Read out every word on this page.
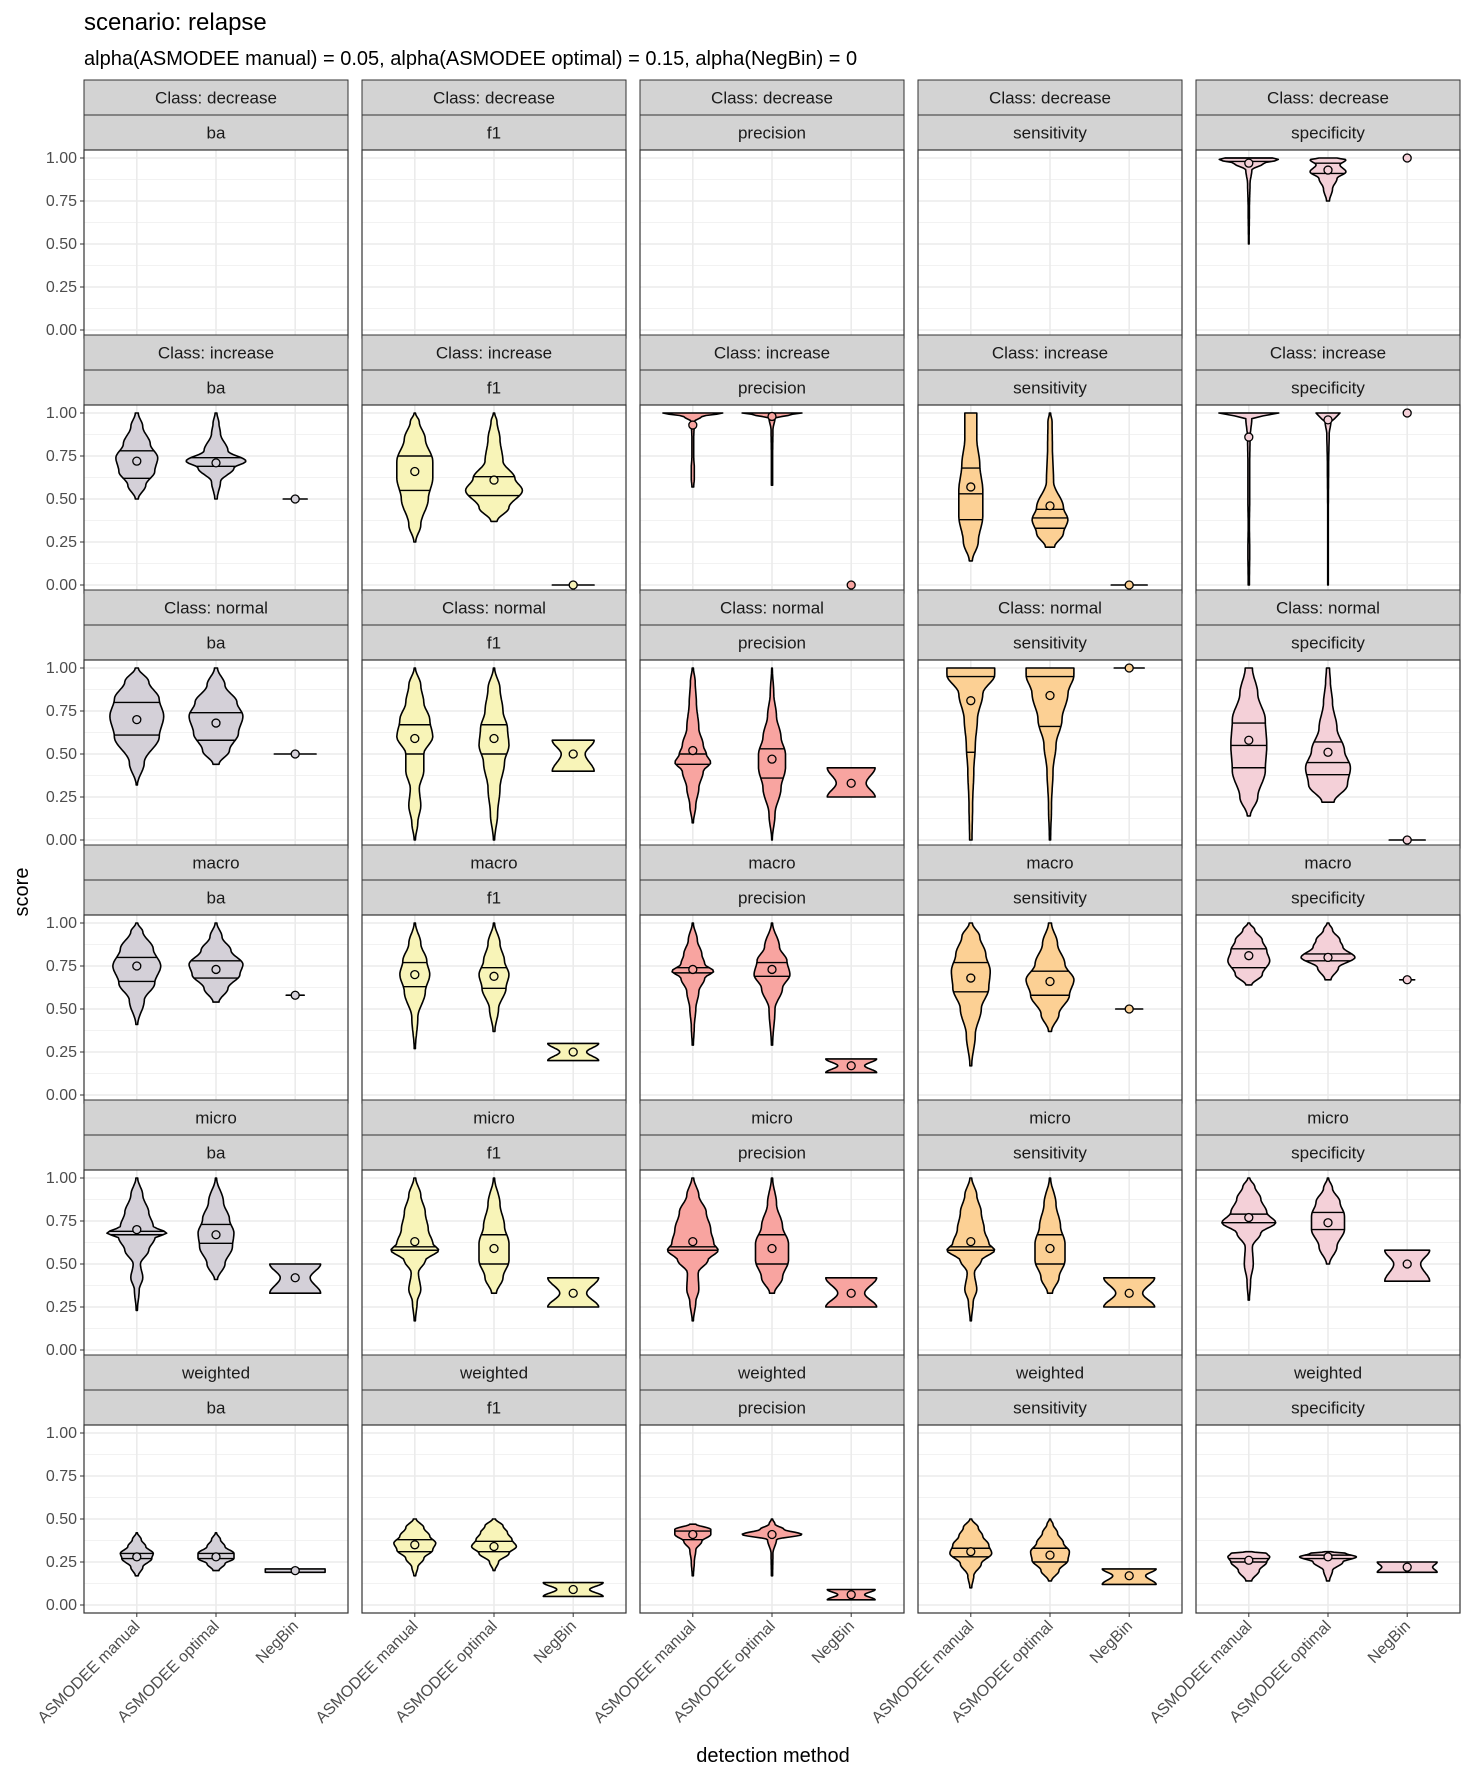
scenario: relapse
alpha(ASMODEE manual) = 0.05, alpha(ASMODEE optimal) = 0.15, alpha(NegBin) = 0
score
detection method
0.00
0.25
0.50
0.75
1.00
Class: decrease
ba
Class: decrease
f1
Class: decrease
precision
Class: decrease
sensitivity
Class: decrease
specificity
0.00
0.25
0.50
0.75
1.00
Class: increase
ba
Class: increase
f1
Class: increase
precision
Class: increase
sensitivity
Class: increase
specificity
0.00
0.25
0.50
0.75
1.00
Class: normal
ba
Class: normal
f1
Class: normal
precision
Class: normal
sensitivity
Class: normal
specificity
0.00
0.25
0.50
0.75
1.00
macro
ba
macro
f1
macro
precision
macro
sensitivity
macro
specificity
0.00
0.25
0.50
0.75
1.00
micro
ba
micro
f1
micro
precision
micro
sensitivity
micro
specificity
0.00
0.25
0.50
0.75
1.00
weighted
ba
ASMODEE manual
ASMODEE optimal NegBin
weighted
f1
ASMODEE manual
ASMODEE optimal NegBin
weighted
precision
ASMODEE manual
ASMODEE optimal NegBin
weighted
sensitivity
ASMODEE manual
ASMODEE optimal NegBin
weighted
specificity
ASMODEE manual
ASMODEE optimal NegBin
